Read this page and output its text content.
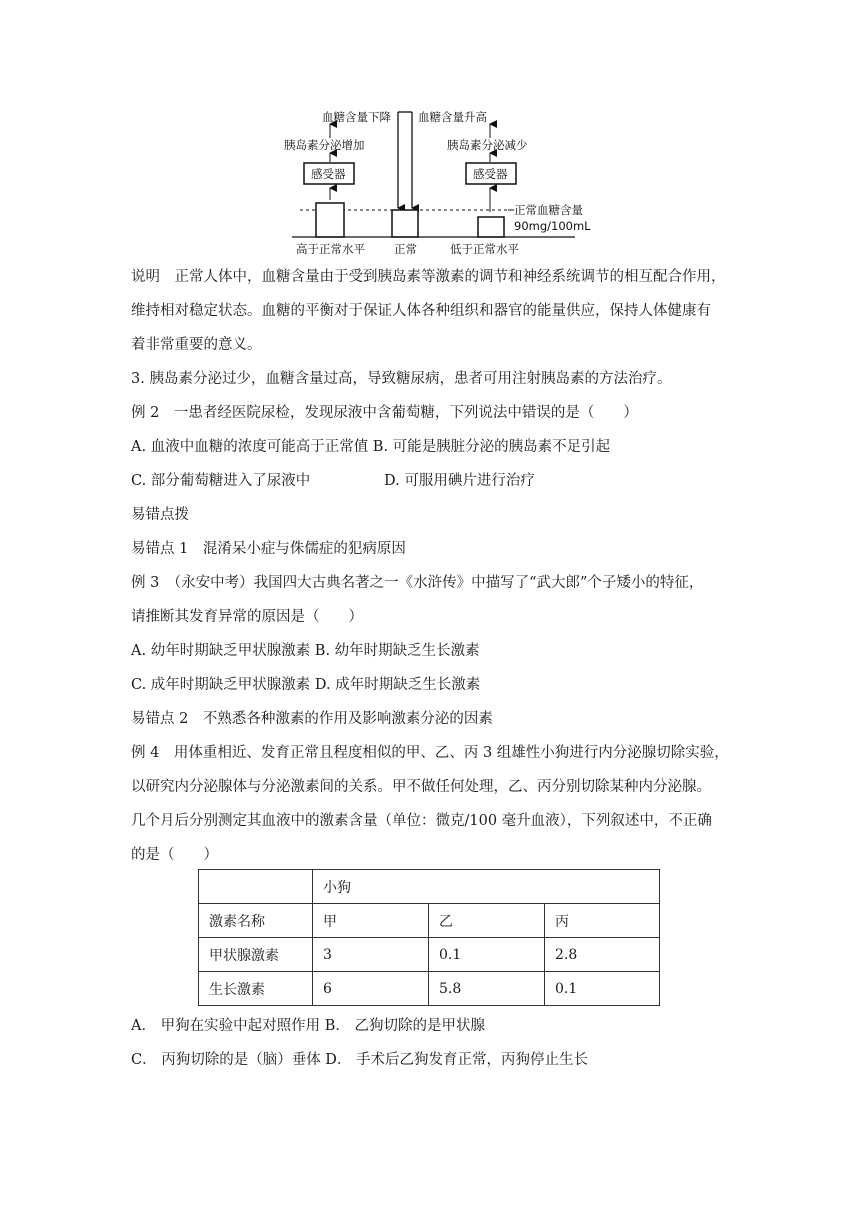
血糖含量下降 血糖含量升高
胰岛素分泌增加	胰岛素分泌减少
感受器	感受器
正常血糖含量
90mg/100mL
高于正常水平	正常	低于正常水平
说明　正常人体中，血糖含量由于受到胰岛素等激素的调节和神经系统调节的相互配合作用，
维持相对稳定状态。血糖的平衡对于保证人体各种组织和器官的能量供应，保持人体健康有
着非常重要的意义。
3. 胰岛素分泌过少，血糖含量过高，导致糖尿病，患者可用注射胰岛素的方法治疗。
例 2　一患者经医院尿检，发现尿液中含葡萄糖，下列说法中错误的是（　　）
A. 血液中血糖的浓度可能高于正常值 B. 可能是胰脏分泌的胰岛素不足引起
C. 部分葡萄糖进入了尿液中	D. 可服用碘片进行治疗
易错点拨
易错点 1　混淆呆小症与侏儒症的犯病原因
例 3　（永安中考）我国四大古典名著之一《水浒传》中描写了“武大郎”个子矮小的特征，
请推断其发育异常的原因是（　　）
A. 幼年时期缺乏甲状腺激素 B. 幼年时期缺乏生长激素
C. 成年时期缺乏甲状腺激素 D. 成年时期缺乏生长激素
易错点 2　不熟悉各种激素的作用及影响激素分泌的因素
例 4　用体重相近、发育正常且程度相似的甲、乙、丙 3 组雄性小狗进行内分泌腺切除实验，
以研究内分泌腺体与分泌激素间的关系。甲不做任何处理，乙、丙分别切除某种内分泌腺。
几个月后分别测定其血液中的激素含量（单位：微克/100 毫升血液），下列叙述中，不正确
的是（　　）
	小狗		
激素名称	甲	乙	丙
甲状腺激素	3	0.1	2.8
生长激素	6	5.8	0.1
A． 甲狗在实验中起对照作用 B． 乙狗切除的是甲状腺
C． 丙狗切除的是（脑）垂体 D． 手术后乙狗发育正常，丙狗停止生长
